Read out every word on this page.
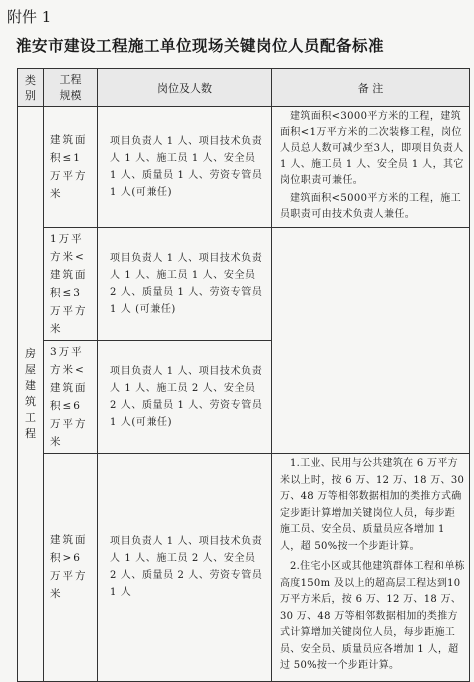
附件 1
淮安市建设工程施工单位现场关键岗位人员配备标准
类别	工程规模	岗位及人数	备 注

房屋建筑工程	建筑面积≤1万平方米	项目负责人 1 人、项目技术负责人 1 人、施工员 1 人、安全员 1 人、质量员 1 人、劳资专管员 1 人(可兼任)	建筑面积<3000平方米的工程，建筑面积<1万平方米的二次装修工程，岗位人员总人数可减少至3人，即项目负责人 1 人、施工员 1 人、安全员 1 人，其它岗位职责可兼任。

建筑面积<5000平方米的工程，施工员职责可由技术负责人兼任。

	1万平方米<建筑面积≤3万平方米	项目负责人 1 人、项目技术负责人 1 人、施工员 1 人、安全员 2 人、质量员 1 人、劳资专管员 1 人 (可兼任)	
	3万平方米<建筑面积≤6万平方米	项目负责人 1 人、项目技术负责人 1 人、施工员 2 人、安全员 2 人、质量员 1 人、劳资专管员 1 人(可兼任)	
	建筑面积>6万平方米	项目负责人 1 人、项目技术负责人 1 人、施工员 2 人、安全员 2 人、质量员 2 人、劳资专管员 1 人	1.工业、民用与公共建筑在 6 万平方米以上时，按 6 万、12 万、18 万、30 万、48 万等相邻数据相加的类推方式确定步距计算增加关键岗位人员，每步距施工员、安全员、质量员应各增加 1 人，超 50%按一个步距计算。

2.住宅小区或其他建筑群体工程和单栋高度150m 及以上的超高层工程达到10万平方米后，按 6 万、12 万、18 万、30 万、48 万等相邻数据相加的类推方式计算增加关键岗位人员，每步距施工员、安全员、质量员应各增加 1 人，超过 50%按一个步距计算。
